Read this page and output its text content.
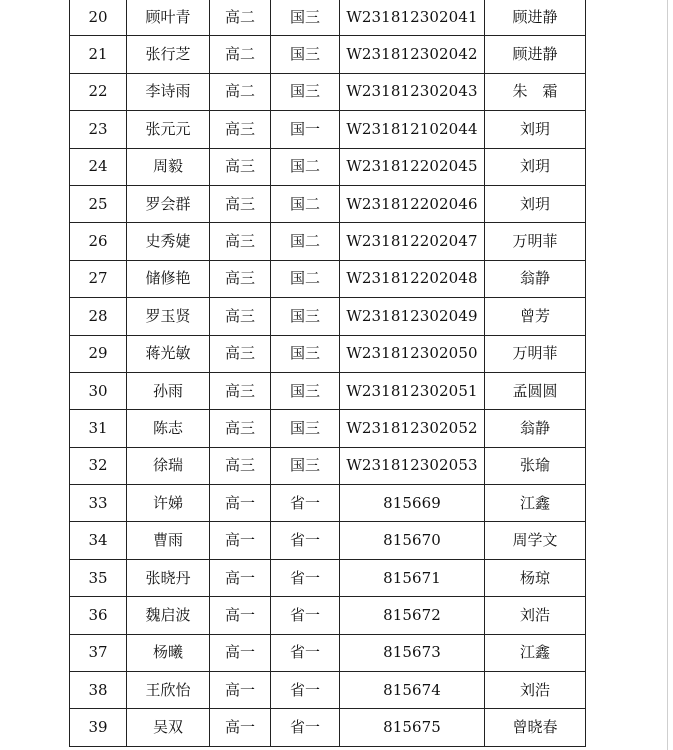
20	顾叶青	高二	国三	W231812302041	顾进静
21	张行芝	高二	国三	W231812302042	顾进静
22	李诗雨	高二	国三	W231812302043	朱　霜
23	张元元	高三	国一	W231812102044	刘玥
24	周毅	高三	国二	W231812202045	刘玥
25	罗会群	高三	国二	W231812202046	刘玥
26	史秀婕	高三	国二	W231812202047	万明菲
27	储修艳	高三	国二	W231812202048	翁静
28	罗玉贤	高三	国三	W231812302049	曾芳
29	蒋光敏	高三	国三	W231812302050	万明菲
30	孙雨	高三	国三	W231812302051	孟圆圆
31	陈志	高三	国三	W231812302052	翁静
32	徐瑞	高三	国三	W231812302053	张瑜
33	许娣	高一	省一	815669	江鑫
34	曹雨	高一	省一	815670	周学文
35	张晓丹	高一	省一	815671	杨琼
36	魏启波	高一	省一	815672	刘浩
37	杨曦	高一	省一	815673	江鑫
38	王欣怡	高一	省一	815674	刘浩
39	吴双	高一	省一	815675	曾晓春
